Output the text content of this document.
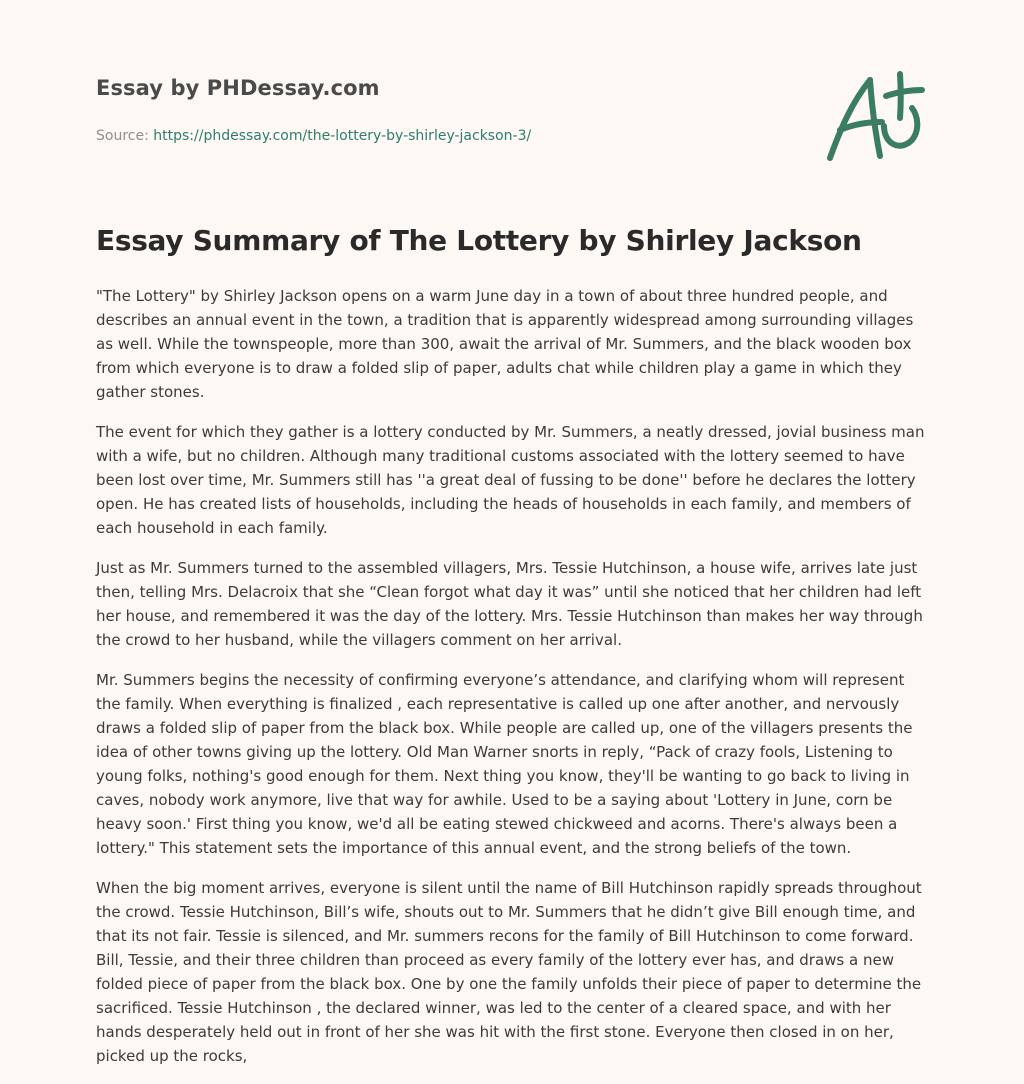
Essay by PHDessay.com
Source: https://phdessay.com/the-lottery-by-shirley-jackson-3/
Essay Summary of The Lottery by Shirley Jackson

"The Lottery" by Shirley Jackson opens on a warm June day in a town of about three hundred people, and describes an annual event in the town, a tradition that is apparently widespread among surrounding villages as well. While the townspeople, more than 300, await the arrival of Mr. Summers, and the black wooden box from which everyone is to draw a folded slip of paper, adults chat while children play a game in which they gather stones.

The event for which they gather is a lottery conducted by Mr. Summers, a neatly dressed, jovial business man with a wife, but no children. Although many traditional customs associated with the lottery seemed to have been lost over time, Mr. Summers still has ''a great deal of fussing to be done'' before he declares the lottery open. He has created lists of households, including the heads of households in each family, and members of each household in each family.

Just as Mr. Summers turned to the assembled villagers, Mrs. Tessie Hutchinson, a house wife, arrives late just then, telling Mrs. Delacroix that she “Clean forgot what day it was” until she noticed that her children had left her house, and remembered it was the day of the lottery. Mrs. Tessie Hutchinson than makes her way through the crowd to her husband, while the villagers comment on her arrival.

Mr. Summers begins the necessity of confirming everyone’s attendance, and clarifying whom will represent the family. When everything is finalized , each representative is called up one after another, and nervously draws a folded slip of paper from the black box. While people are called up, one of the villagers presents the idea of other towns giving up the lottery. Old Man Warner snorts in reply, “Pack of crazy fools, Listening to young folks, nothing's good enough for them. Next thing you know, they'll be wanting to go back to living in caves, nobody work anymore, live that way for awhile. Used to be a saying about 'Lottery in June, corn be heavy soon.' First thing you know, we'd all be eating stewed chickweed and acorns. There's always been a lottery." This statement sets the importance of this annual event, and the strong beliefs of the town.

When the big moment arrives, everyone is silent until the name of Bill Hutchinson rapidly spreads throughout the crowd. Tessie Hutchinson, Bill’s wife, shouts out to Mr. Summers that he didn’t give Bill enough time, and that its not fair. Tessie is silenced, and Mr. summers recons for the family of Bill Hutchinson to come forward. Bill, Tessie, and their three children than proceed as every family of the lottery ever has, and draws a new folded piece of paper from the black box. One by one the family unfolds their piece of paper to determine the sacrificed. Tessie Hutchinson , the declared winner, was led to the center of a cleared space, and with her hands desperately held out in front of her she was hit with the first stone. Everyone then closed in on her, picked up the rocks,
